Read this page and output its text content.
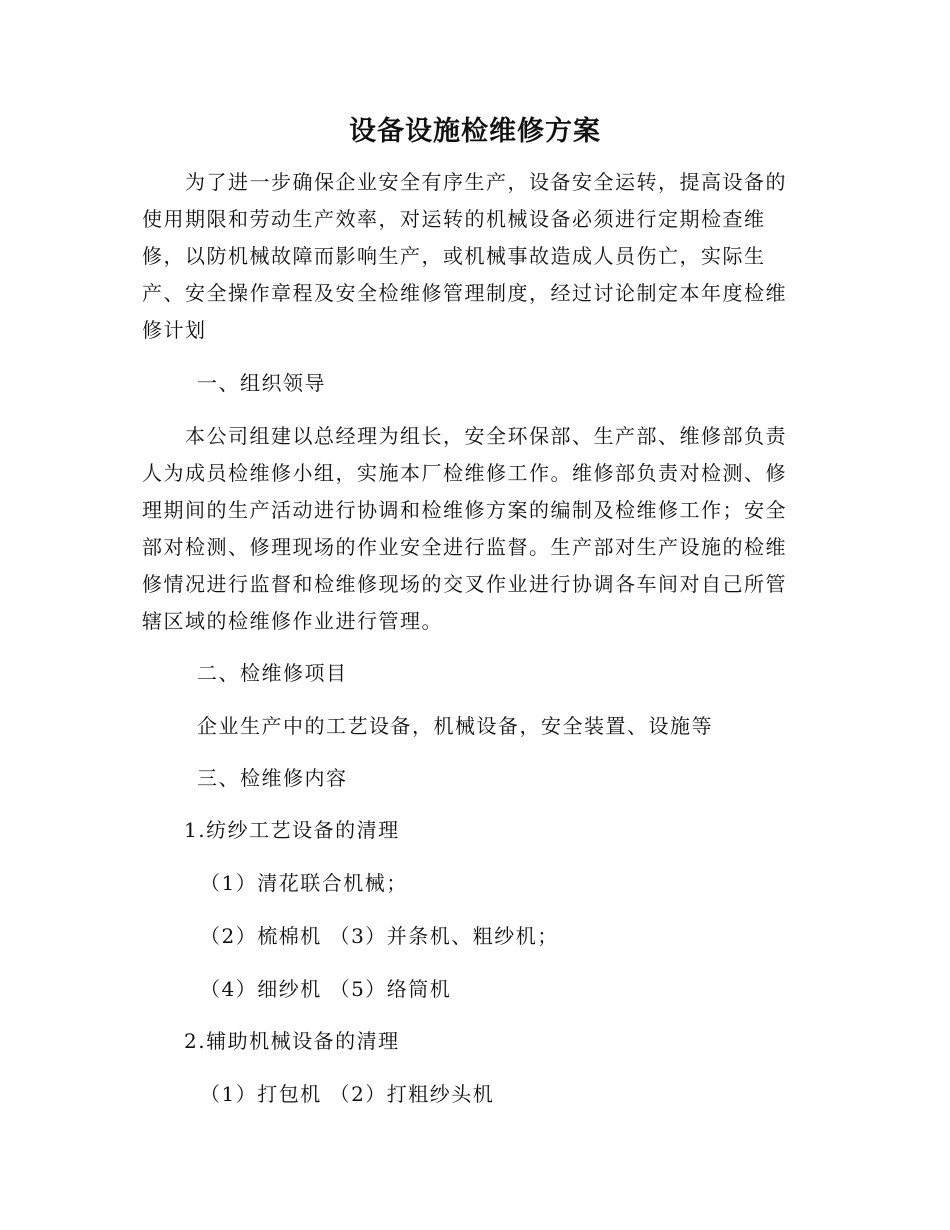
设备设施检维修方案
　　为了进一步确保企业安全有序生产，设备安全运转，提高设备的
使用期限和劳动生产效率，对运转的机械设备必须进行定期检查维
修，以防机械故障而影响生产，或机械事故造成人员伤亡，实际生
产、安全操作章程及安全检维修管理制度，经过讨论制定本年度检维
修计划
一、组织领导
　　本公司组建以总经理为组长，安全环保部、生产部、维修部负责
人为成员检维修小组，实施本厂检维修工作。维修部负责对检测、修
理期间的生产活动进行协调和检维修方案的编制及检维修工作；安全
部对检测、修理现场的作业安全进行监督。生产部对生产设施的检维
修情况进行监督和检维修现场的交叉作业进行协调各车间对自己所管
辖区域的检维修作业进行管理。
二、检维修项目
企业生产中的工艺设备，机械设备，安全装置、设施等
三、检维修内容
1.纺纱工艺设备的清理
（1）清花联合机械；
（2）梳棉机 （3）并条机、粗纱机；
（4）细纱机 （5）络筒机
2.辅助机械设备的清理
（1）打包机 （2）打粗纱头机
